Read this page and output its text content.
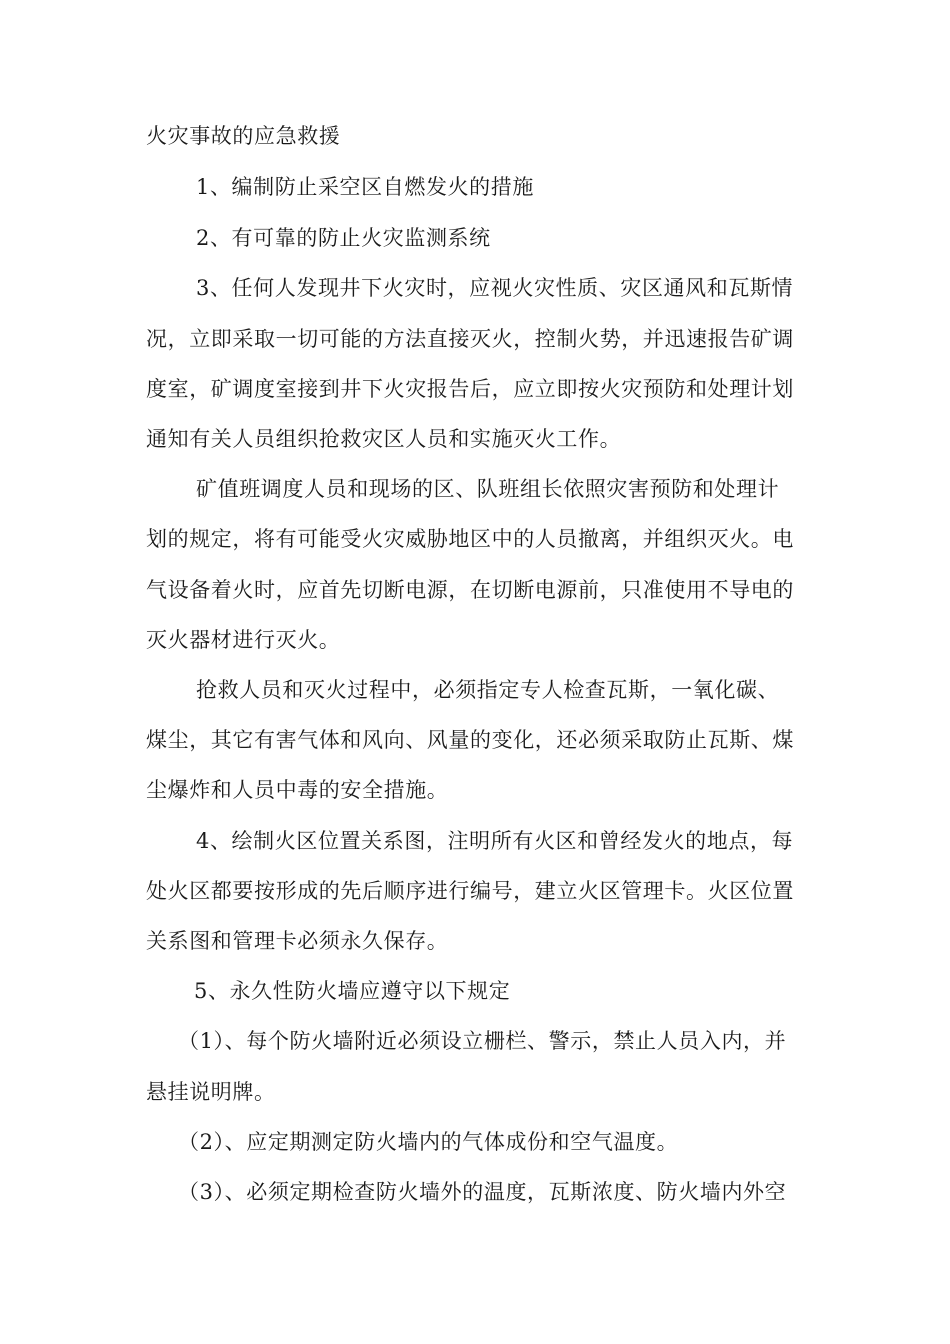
火灾事故的应急救援
1、编制防止采空区自燃发火的措施
2、有可靠的防止火灾监测系统
3、任何人发现井下火灾时，应视火灾性质、灾区通风和瓦斯情
况，立即采取一切可能的方法直接灭火，控制火势，并迅速报告矿调
度室，矿调度室接到井下火灾报告后，应立即按火灾预防和处理计划
通知有关人员组织抢救灾区人员和实施灭火工作。
矿值班调度人员和现场的区、队班组长依照灾害预防和处理计
划的规定，将有可能受火灾威胁地区中的人员撤离，并组织灭火。电
气设备着火时，应首先切断电源，在切断电源前，只准使用不导电的
灭火器材进行灭火。
抢救人员和灭火过程中，必须指定专人检查瓦斯，一氧化碳、
煤尘，其它有害气体和风向、风量的变化，还必须采取防止瓦斯、煤
尘爆炸和人员中毒的安全措施。
4、绘制火区位置关系图，注明所有火区和曾经发火的地点，每
处火区都要按形成的先后顺序进行编号，建立火区管理卡。火区位置
关系图和管理卡必须永久保存。
5、永久性防火墙应遵守以下规定
（1）、每个防火墙附近必须设立栅栏、警示，禁止人员入内，并
悬挂说明牌。
（2）、应定期测定防火墙内的气体成份和空气温度。
（3）、必须定期检查防火墙外的温度，瓦斯浓度、防火墙内外空
